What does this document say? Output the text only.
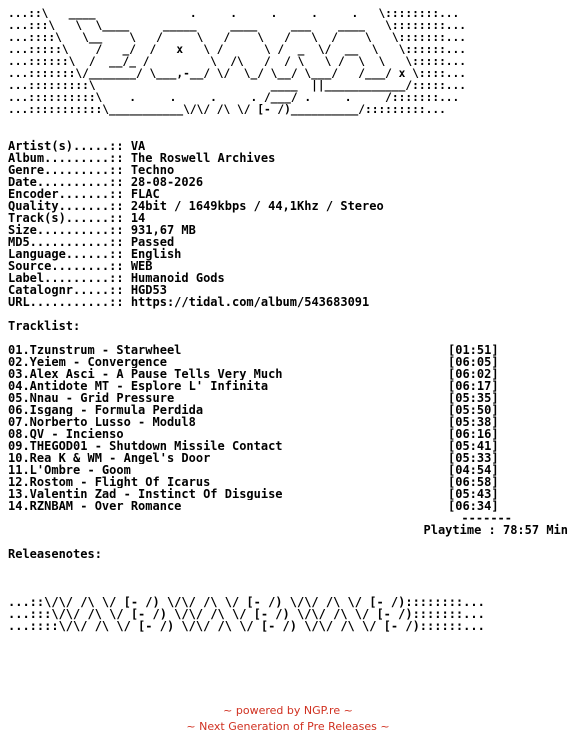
...::\   ____              .     .     .     .     .   \::::::::...
...:::\   \  \____     _____     ____     ___    ____   \::::::::...
...::::\   \__    \   /     \   /    \   /   \  /    \   \:::::::...
...:::::\    /   _/  /   x   \ /      \ /  _  \/  __  \   \::::::...
...::::::\  /  __/_ /         \  /\   /  / \   \ /  \  \   \:::::...
...:::::::\/_______/ \___,-__/ \/  \_/ \__/ \___/   /___/ x \::::...
...:::::::::\                          ____  ||____________/:::::...
...::::::::::\    .     .     .     . /___/ .     .     /:::::::...
...:::::::::::\___________\/\/ /\ \/ [- /)__________/:::::::::...
Artist(s).....:: VA
Album.........:: The Roswell Archives
Genre.........:: Techno
Date..........:: 28-08-2026
Encoder.......:: FLAC
Quality.......:: 24bit / 1649kbps / 44,1Khz / Stereo
Track(s)......:: 14
Size..........:: 931,67 MB
MD5...........:: Passed
Language......:: English
Source........:: WEB
Label.........:: Humanoid Gods
Catalognr.....:: HGD53
URL...........:: https://tidal.com/album/543683091
Tracklist:
01.Tzunstrum - Starwheel	[01:51]
02.Yeiem - Convergence	[06:05]
03.Alex Asci - A Pause Tells Very Much	[06:02]
04.Antidote MT - Esplore L' Infinita	[06:17]
05.Nnau - Grid Pressure	[05:35]
06.Isgang - Formula Perdida	[05:50]
07.Norberto Lusso - Modul8	[05:38]
08.QV - Incienso	[06:16]
09.THEGOD01 - Shutdown Missile Contact	[05:41]
10.Rea K & WM - Angel's Door	[05:33]
11.L'Ombre - Goom	[04:54]
12.Rostom - Flight Of Icarus	[06:58]
13.Valentin Zad - Instinct Of Disguise	[05:43]
14.RZNBAM - Over Romance	[06:34]
-------
Playtime : 78:57 Min
Releasenotes:
...::\/\/ /\ \/ [- /) \/\/ /\ \/ [- /) \/\/ /\ \/ [- /)::::::::...
...:::\/\/ /\ \/ [- /) \/\/ /\ \/ [- /) \/\/ /\ \/ [- /):::::::...
...::::\/\/ /\ \/ [- /) \/\/ /\ \/ [- /) \/\/ /\ \/ [- /)::::::...
~ powered by NGP.re ~
~ Next Generation of Pre Releases ~
